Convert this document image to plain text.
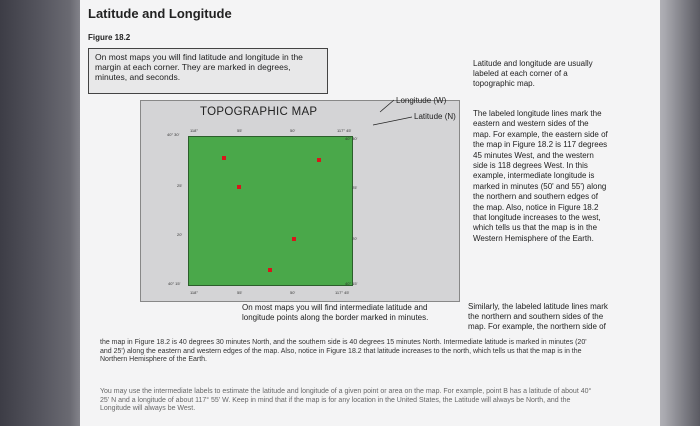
Latitude and Longitude
Figure 18.2
On most maps you will find latitude and longitude in the margin at each corner. They are marked in degrees, minutes, and seconds.
Latitude and longitude are usually labeled at each corner of a topographic map.
The labeled longitude lines mark the eastern and western sides of the map. For example, the eastern side of the map in Figure 18.2 is 117 degrees 45 minutes West, and the western side is 118 degrees West. In this example, intermediate longitude is marked in minutes (50' and 55') along the northern and southern edges of the map. Also, notice in Figure 18.2 that longitude increases to the west, which tells us that the map is in the Western Hemisphere of the Earth.
Similarly, the labeled latitude lines mark the northern and southern sides of the map. For example, the northern side of
TOPOGRAPHIC MAP
Longitude (W)
Latitude (N)
118°	55'	50'	117° 45'
40° 30'
40° 30'
25'
20'
25'
20'
40° 15'	40° 15'
118°	55'	50'	117° 45'
On most maps you will find intermediate latitude and longitude points along the border marked in minutes.
the map in Figure 18.2 is 40 degrees 30 minutes North, and the southern side is 40 degrees 15 minutes North. Intermediate latitude is marked in minutes (20' and 25') along the eastern and western edges of the map. Also, notice in Figure 18.2 that latitude increases to the north, which tells us that the map is in the Northern Hemisphere of the Earth.
You may use the intermediate labels to estimate the latitude and longitude of a given point or area on the map. For example, point B has a latitude of about 40° 25' N and a longitude of about 117° 55' W. Keep in mind that if the map is for any location in the United States, the Latitude will always be North, and the Longitude will always be West.
